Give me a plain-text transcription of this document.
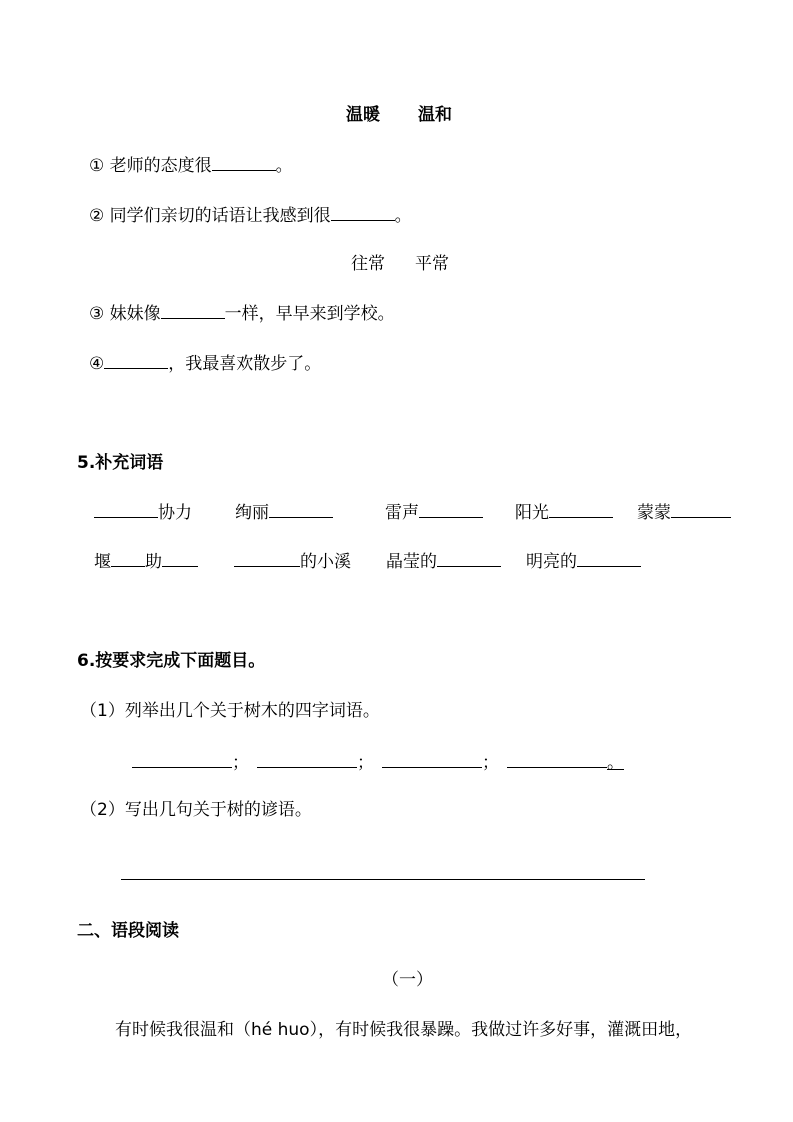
温暖 温和
① 老师的态度很	。
② 同学们亲切的话语让我感到很	。
往常 平常
③ 妹妹像	一样，早早来到学校。
④	，我最喜欢散步了。
5.补充词语
协力	绚丽	雷声	阳光	蒙蒙
堰 助	的小溪 晶莹的	明亮的
6.按要求完成下面题目。
（1）列举出几个关于树木的四字词语。
；	；	；	。
（2）写出几句关于树的谚语。
二、语段阅读
（一）
有时候我很温和（hé huo），有时候我很暴躁。我做过许多好事，灌溉田地，
